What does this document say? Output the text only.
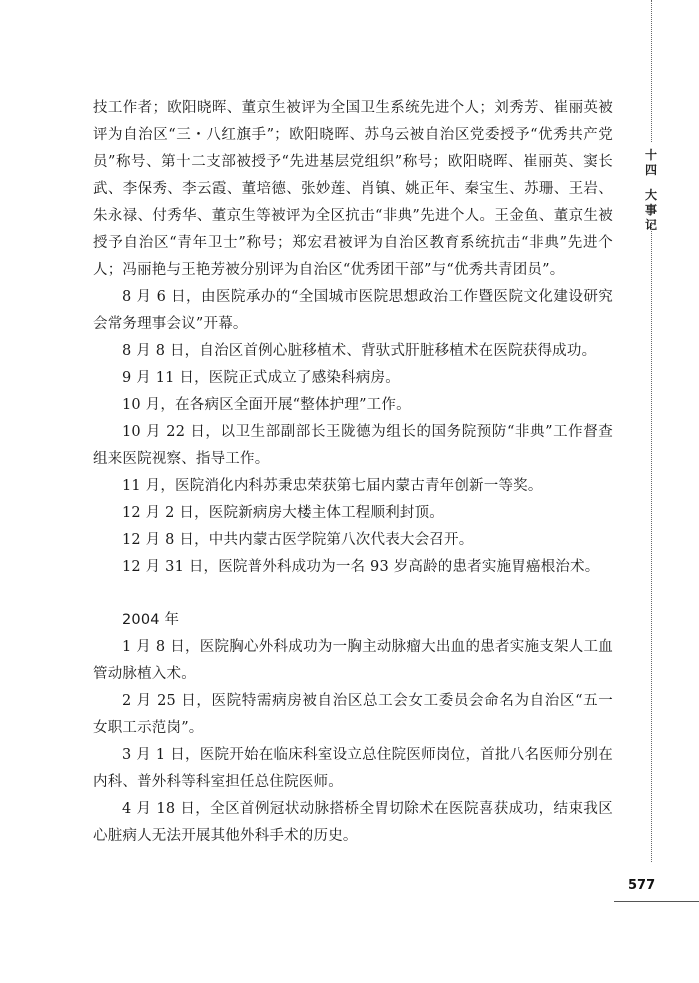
十
四
大
事
记

技工作者；欧阳晓晖、董京生被评为全国卫生系统先进个人；刘秀芳、崔丽英被评为自治区“三・八红旗手”；欧阳晓晖、苏乌云被自治区党委授予“优秀共产党员”称号、第十二支部被授予“先进基层党组织”称号；欧阳晓晖、崔丽英、窦长武、李保秀、李云霞、董培德、张妙莲、肖镇、姚正年、秦宝生、苏珊、王岩、朱永禄、付秀华、董京生等被评为全区抗击“非典”先进个人。王金鱼、董京生被授予自治区“青年卫士”称号；郑宏君被评为自治区教育系统抗击“非典”先进个人；冯丽艳与王艳芳被分别评为自治区“优秀团干部”与“优秀共青团员”。

8 月 6 日，由医院承办的“全国城市医院思想政治工作暨医院文化建设研究会常务理事会议”开幕。

8 月 8 日，自治区首例心脏移植术、背驮式肝脏移植术在医院获得成功。

9 月 11 日，医院正式成立了感染科病房。

10 月，在各病区全面开展“整体护理”工作。

10 月 22 日，以卫生部副部长王陇德为组长的国务院预防“非典”工作督查组来医院视察、指导工作。

11 月，医院消化内科苏秉忠荣获第七届内蒙古青年创新一等奖。

12 月 2 日，医院新病房大楼主体工程顺利封顶。

12 月 8 日，中共内蒙古医学院第八次代表大会召开。

12 月 31 日，医院普外科成功为一名 93 岁高龄的患者实施胃癌根治术。

2004 年

1 月 8 日，医院胸心外科成功为一胸主动脉瘤大出血的患者实施支架人工血管动脉植入术。

2 月 25 日，医院特需病房被自治区总工会女工委员会命名为自治区“五一女职工示范岗”。

3 月 1 日，医院开始在临床科室设立总住院医师岗位，首批八名医师分别在内科、普外科等科室担任总住院医师。

4 月 18 日，全区首例冠状动脉搭桥全胃切除术在医院喜获成功，结束我区心脏病人无法开展其他外科手术的历史。

577
